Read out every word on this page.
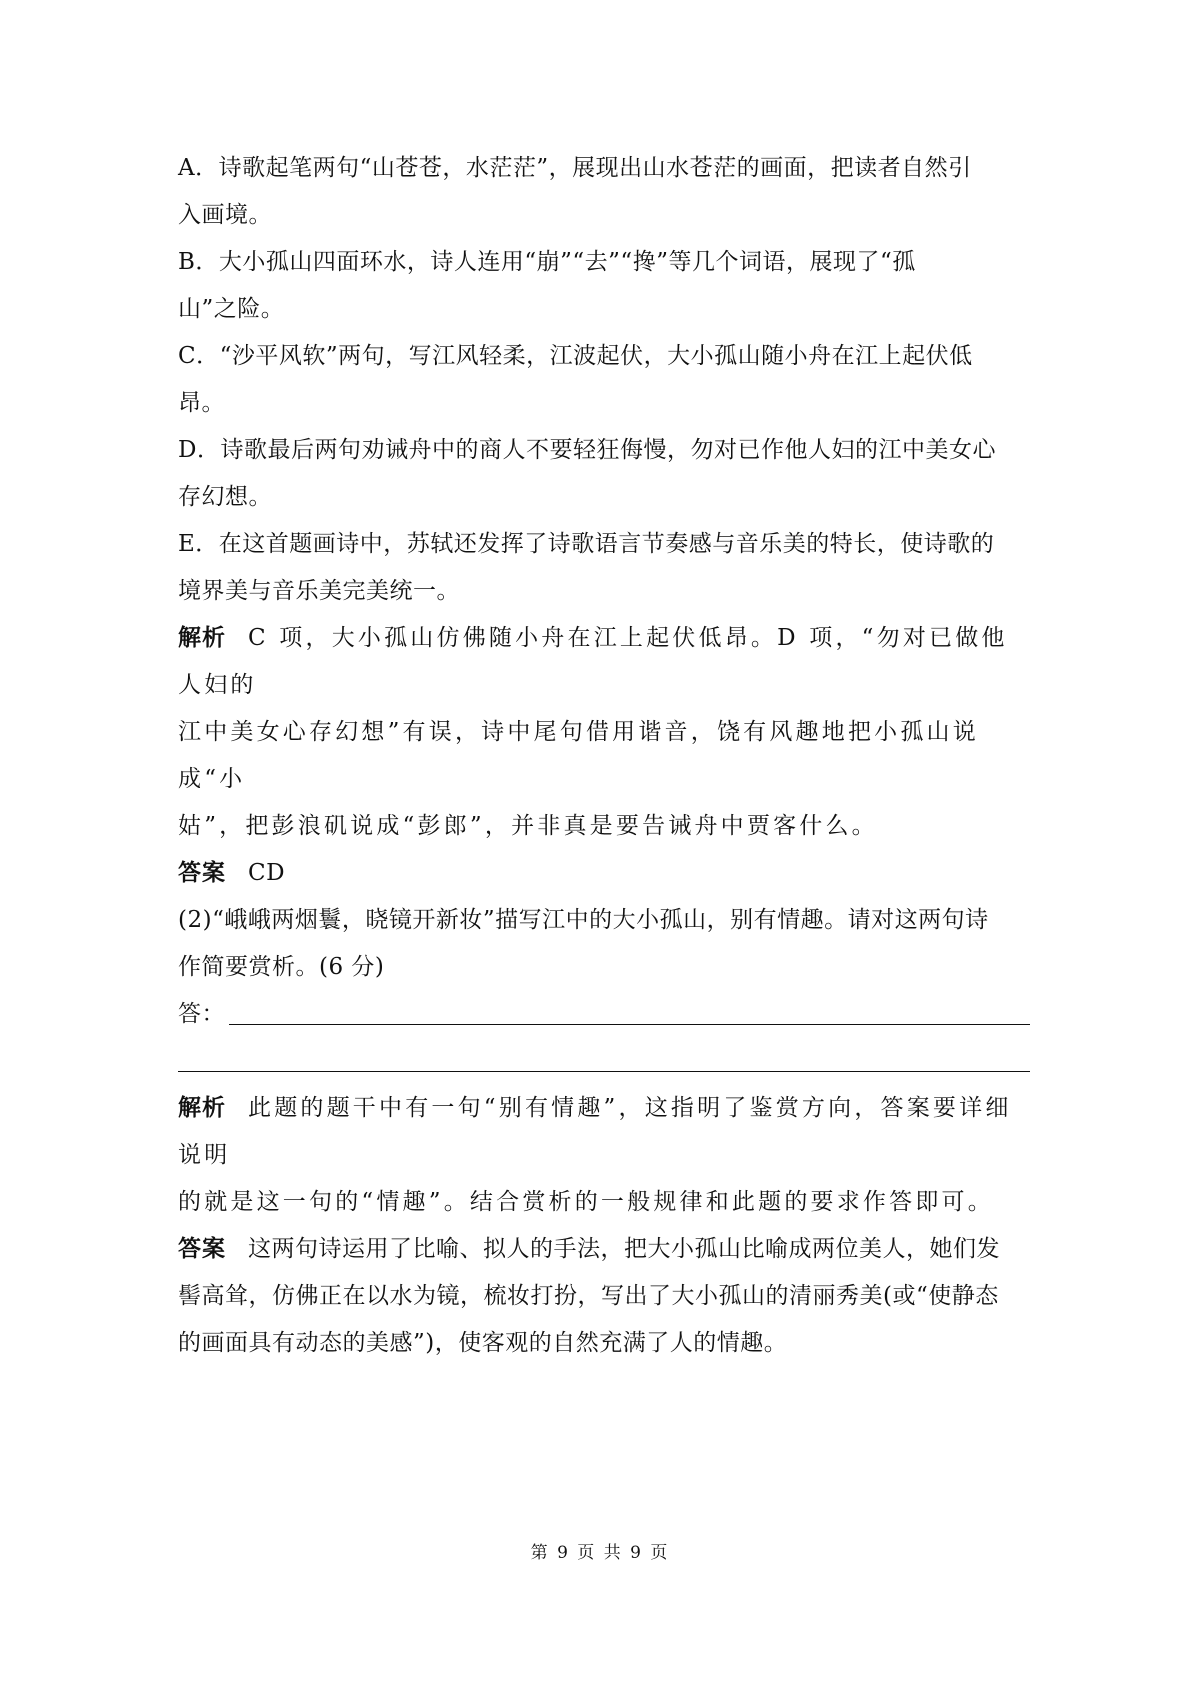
A．诗歌起笔两句“山苍苍，水茫茫”，展现出山水苍茫的画面，把读者自然引

入画境。

B．大小孤山四面环水，诗人连用“崩”“去”“搀”等几个词语，展现了“孤

山”之险。

C．“沙平风软”两句，写江风轻柔，江波起伏，大小孤山随小舟在江上起伏低

昂。

D．诗歌最后两句劝诫舟中的商人不要轻狂侮慢，勿对已作他人妇的江中美女心

存幻想。

E．在这首题画诗中，苏轼还发挥了诗歌语言节奏感与音乐美的特长，使诗歌的

境界美与音乐美完美统一。

解析 C 项，大小孤山仿佛随小舟在江上起伏低昂。D 项，“勿对已做他人妇的

江中美女心存幻想”有误，诗中尾句借用谐音，饶有风趣地把小孤山说成“小

姑”，把彭浪矶说成“彭郎”，并非真是要告诫舟中贾客什么。

答案 CD

(2)“峨峨两烟鬟，晓镜开新妆”描写江中的大小孤山，别有情趣。请对这两句诗

作简要赏析。(6 分)

答：

解析 此题的题干中有一句“别有情趣”，这指明了鉴赏方向，答案要详细说明

的就是这一句的“情趣”。结合赏析的一般规律和此题的要求作答即可。

答案 这两句诗运用了比喻、拟人的手法，把大小孤山比喻成两位美人，她们发

髻高耸，仿佛正在以水为镜，梳妆打扮，写出了大小孤山的清丽秀美(或“使静态

的画面具有动态的美感”)，使客观的自然充满了人的情趣。

第 9 页 共 9 页
